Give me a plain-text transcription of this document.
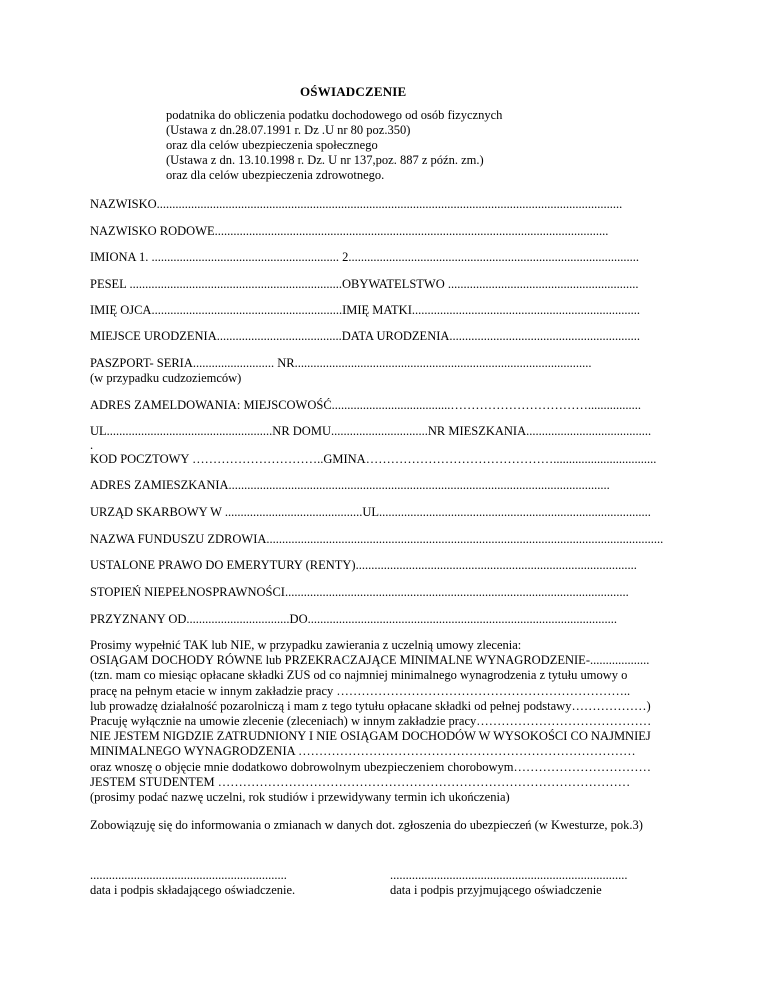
OŚWIADCZENIE
podatnika do obliczenia podatku dochodowego od osób fizycznych
(Ustawa z dn.28.07.1991 r. Dz .U nr 80 poz.350)
oraz dla celów ubezpieczenia społecznego
(Ustawa z dn. 13.10.1998 r. Dz. U nr 137,poz. 887 z późn. zm.)
oraz dla celów ubezpieczenia zdrowotnego.
NAZWISKO.....................................................................................................................................................
NAZWISKO RODOWE..............................................................................................................................
IMIONA 1. ............................................................ 2.............................................................................................
PESEL ....................................................................OBYWATELSTWO .............................................................
IMIĘ OJCA.............................................................IMIĘ MATKI.........................................................................
MIEJSCE URODZENIA........................................DATA URODZENIA.............................................................
PASZPORT- SERIA.......................... NR...............................................................................................
(w przypadku cudzoziemców)
ADRES ZAMELDOWANIA: MIEJSCOWOŚĆ......................................…………………………….................
UL.....................................................NR DOMU...............................NR MIESZKANIA........................................
.
KOD POCZTOWY …………………………..GMINA……………………………………….................................
ADRES ZAMIESZKANIA..........................................................................................................................
URZĄD SKARBOWY W ............................................UL.......................................................................................
NAZWA FUNDUSZU ZDROWIA...............................................................................................................................
USTALONE PRAWO DO EMERYTURY (RENTY)..........................................................................................
STOPIEŃ NIEPEŁNOSPRAWNOŚCI..............................................................................................................
PRZYZNANY OD.................................DO...................................................................................................
Prosimy wypełnić TAK lub NIE, w przypadku zawierania z uczelnią umowy zlecenia:
OSIĄGAM DOCHODY RÓWNE lub PRZEKRACZAJĄCE MINIMALNE WYNAGRODZENIE-...................
(tzn. mam co miesiąc opłacane składki ZUS od co najmniej minimalnego wynagrodzenia z tytułu umowy o
pracę na pełnym etacie w innym zakładzie pracy ……………………………………………………………..
lub prowadzę działalność pozarolniczą i mam z tego tytułu opłacane składki od pełnej podstawy………………)
Pracuję wyłącznie na umowie zlecenie (zleceniach) w innym zakładzie pracy……………………………………
NIE JESTEM NIGDZIE ZATRUDNIONY I NIE OSIĄGAM DOCHODÓW W WYSOKOŚCI CO NAJMNIEJ
MINIMALNEGO WYNAGRODZENIA ………………………………………………………………………
oraz wnoszę o objęcie mnie dodatkowo dobrowolnym ubezpieczeniem chorobowym……………………………
JESTEM STUDENTEM ………………………………………………………………………………………
(prosimy podać nazwę uczelni, rok studiów i przewidywany termin ich ukończenia)
Zobowiązuję się do informowania o zmianach w danych dot. zgłoszenia do ubezpieczeń (w Kwesturze, pok.3)
...............................................................
data i podpis składającego oświadczenie.
............................................................................
data i podpis przyjmującego oświadczenie
